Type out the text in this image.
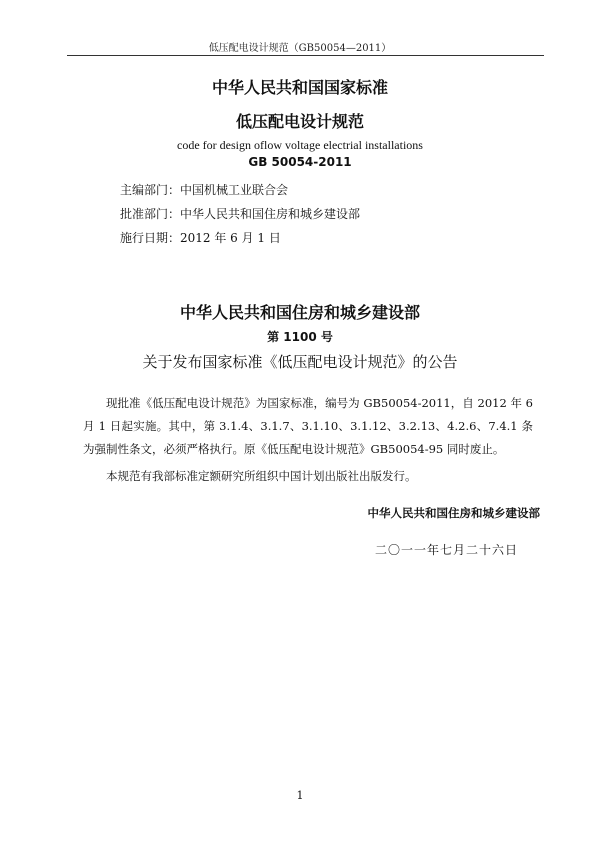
低压配电设计规范（GB50054—2011）
中华人民共和国国家标准
低压配电设计规范
code for design oflow voltage electrial installations
GB 50054-2011
主编部门：中国机械工业联合会
批准部门：中华人民共和国住房和城乡建设部
施行日期：2012 年 6 月 1 日
中华人民共和国住房和城乡建设部
第 1100 号
关于发布国家标准《低压配电设计规范》的公告
现批准《低压配电设计规范》为国家标准，编号为 GB50054-2011，自 2012 年 6 月 1 日起实施。其中，第 3.1.4、3.1.7、3.1.10、3.1.12、3.2.13、4.2.6、7.4.1 条为强制性条文，必须严格执行。原《低压配电设计规范》GB50054-95 同时废止。
本规范有我部标准定额研究所组织中国计划出版社出版发行。
中华人民共和国住房和城乡建设部
二〇一一年七月二十六日
1
